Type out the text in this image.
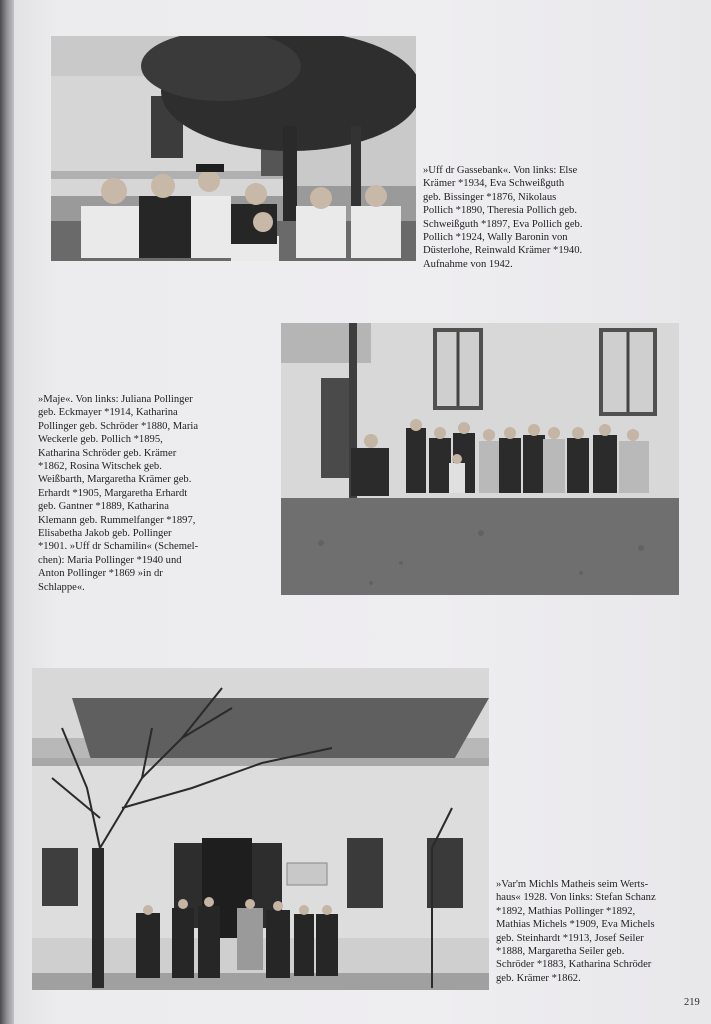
»Uff dr Gassebank«. Von links: Else
Krämer *1934, Eva Schweißguth
geb. Bissinger *1876, Nikolaus
Pollich *1890, Theresia Pollich geb.
Schweißguth *1897, Eva Pollich geb.
Pollich *1924, Wally Baronin von
Düsterlohe, Reinwald Krämer *1940.
Aufnahme von 1942.
»Maje«. Von links: Juliana Pollinger
geb. Eckmayer *1914, Katharina
Pollinger geb. Schröder *1880, Maria
Weckerle geb. Pollich *1895,
Katharina Schröder geb. Krämer
*1862, Rosina Witschek geb.
Weißbarth, Margaretha Krämer geb.
Erhardt *1905, Margaretha Erhardt
geb. Gantner *1889, Katharina
Klemann geb. Rummelfanger *1897,
Elisabetha Jakob geb. Pollinger
*1901. »Uff dr Schamilin« (Schemel-
chen): Maria Pollinger *1940 und
Anton Pollinger *1869 »in dr
Schlappe«.
»Var'm Michls Matheis seim Werts-
haus« 1928. Von links: Stefan Schanz
*1892, Mathias Pollinger *1892,
Mathias Michels *1909, Eva Michels
geb. Steinhardt *1913, Josef Seiler
*1888, Margaretha Seiler geb.
Schröder *1883, Katharina Schröder
geb. Krämer *1862.
219
